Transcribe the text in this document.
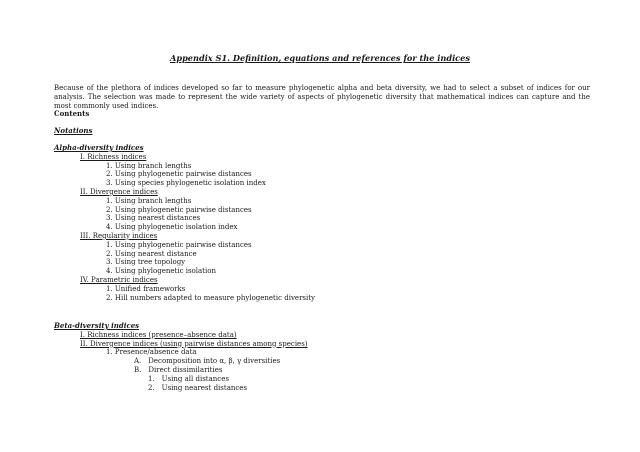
Appendix S1. Definition, equations and references for the indices

Because of the plethora of indices developed so far to measure phylogenetic alpha and beta diversity, we had to select a subset of indices for our analysis. The selection was made to represent the wide variety of aspects of phylogenetic diversity that mathematical indices can capture and the most commonly used indices.

Contents
Notations
Alpha-diversity indices
I. Richness indices
1. Using branch lengths
2. Using phylogenetic pairwise distances
3. Using species phylogenetic isolation index
II. Divergence indices
1. Using branch lengths
2. Using phylogenetic pairwise distances
3. Using nearest distances
4. Using phylogenetic isolation index
III. Regularity indices
1. Using phylogenetic pairwise distances
2. Using nearest distance
3. Using tree topology
4. Using phylogenetic isolation
IV. Parametric indices
1. Unified frameworks
2. Hill numbers adapted to measure phylogenetic diversity
Beta-diversity indices
I. Richness indices (presence–absence data)
II. Divergence indices (using pairwise distances among species)
1. Presence/absence data
A. Decomposition into α, β, γ diversities
B. Direct dissimilarities
1. Using all distances
2. Using nearest distances
